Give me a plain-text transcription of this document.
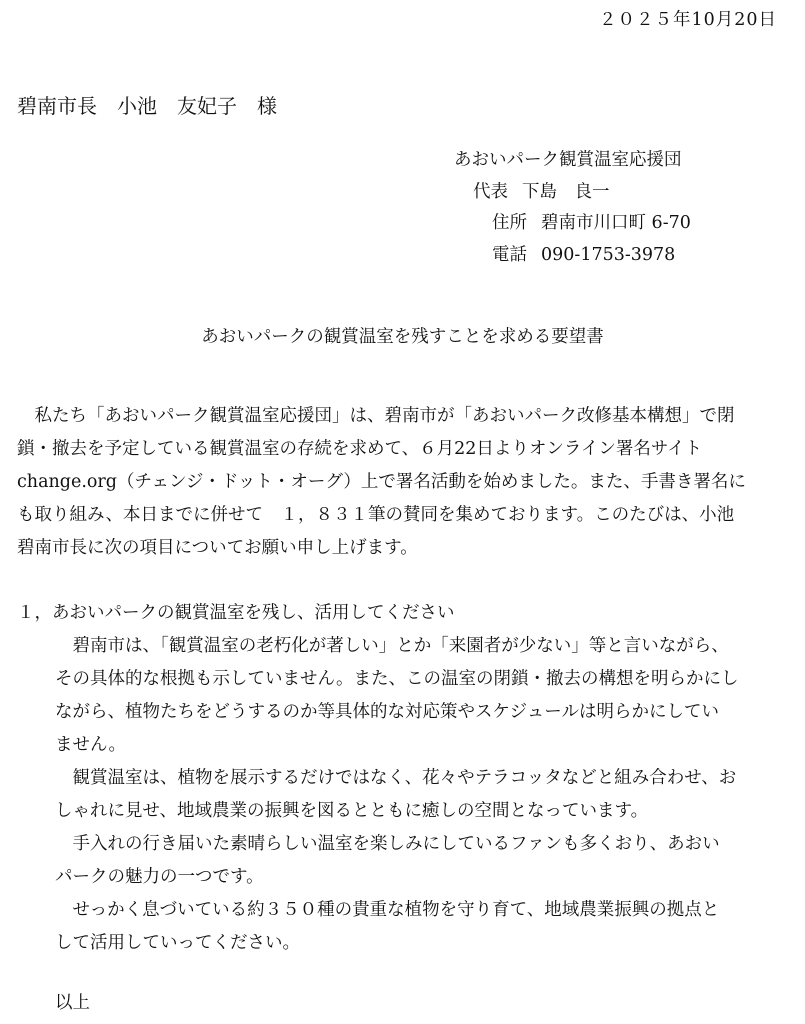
２０２５年10月20日
碧南市長　小池　友妃子　様
あおいパーク観賞温室応援団
代表 下島　良一
住所 碧南市川口町 6-70
電話 090-1753-3978
あおいパークの観賞温室を残すことを求める要望書
　私たち「あおいパーク観賞温室応援団」は、碧南市が「あおいパーク改修基本構想」で閉
鎖・撤去を予定している観賞温室の存続を求めて、６月22日よりオンライン署名サイト
change.org（チェンジ・ドット・オーグ）上で署名活動を始めました。また、手書き署名に
も取り組み、本日までに併せて　１，８３１筆の賛同を集めております。このたびは、小池
碧南市長に次の項目についてお願い申し上げます。
１，あおいパークの観賞温室を残し、活用してください
　碧南市は、「観賞温室の老朽化が著しい」とか「来園者が少ない」等と言いながら、
その具体的な根拠も示していません。また、この温室の閉鎖・撤去の構想を明らかにし
ながら、植物たちをどうするのか等具体的な対応策やスケジュールは明らかにしてい
ません。
　観賞温室は、植物を展示するだけではなく、花々やテラコッタなどと組み合わせ、お
しゃれに見せ、地域農業の振興を図るとともに癒しの空間となっています。
　手入れの行き届いた素晴らしい温室を楽しみにしているファンも多くおり、あおい
パークの魅力の一つです。
　せっかく息づいている約３５０種の貴重な植物を守り育て、地域農業振興の拠点と
して活用していってください。
以上
